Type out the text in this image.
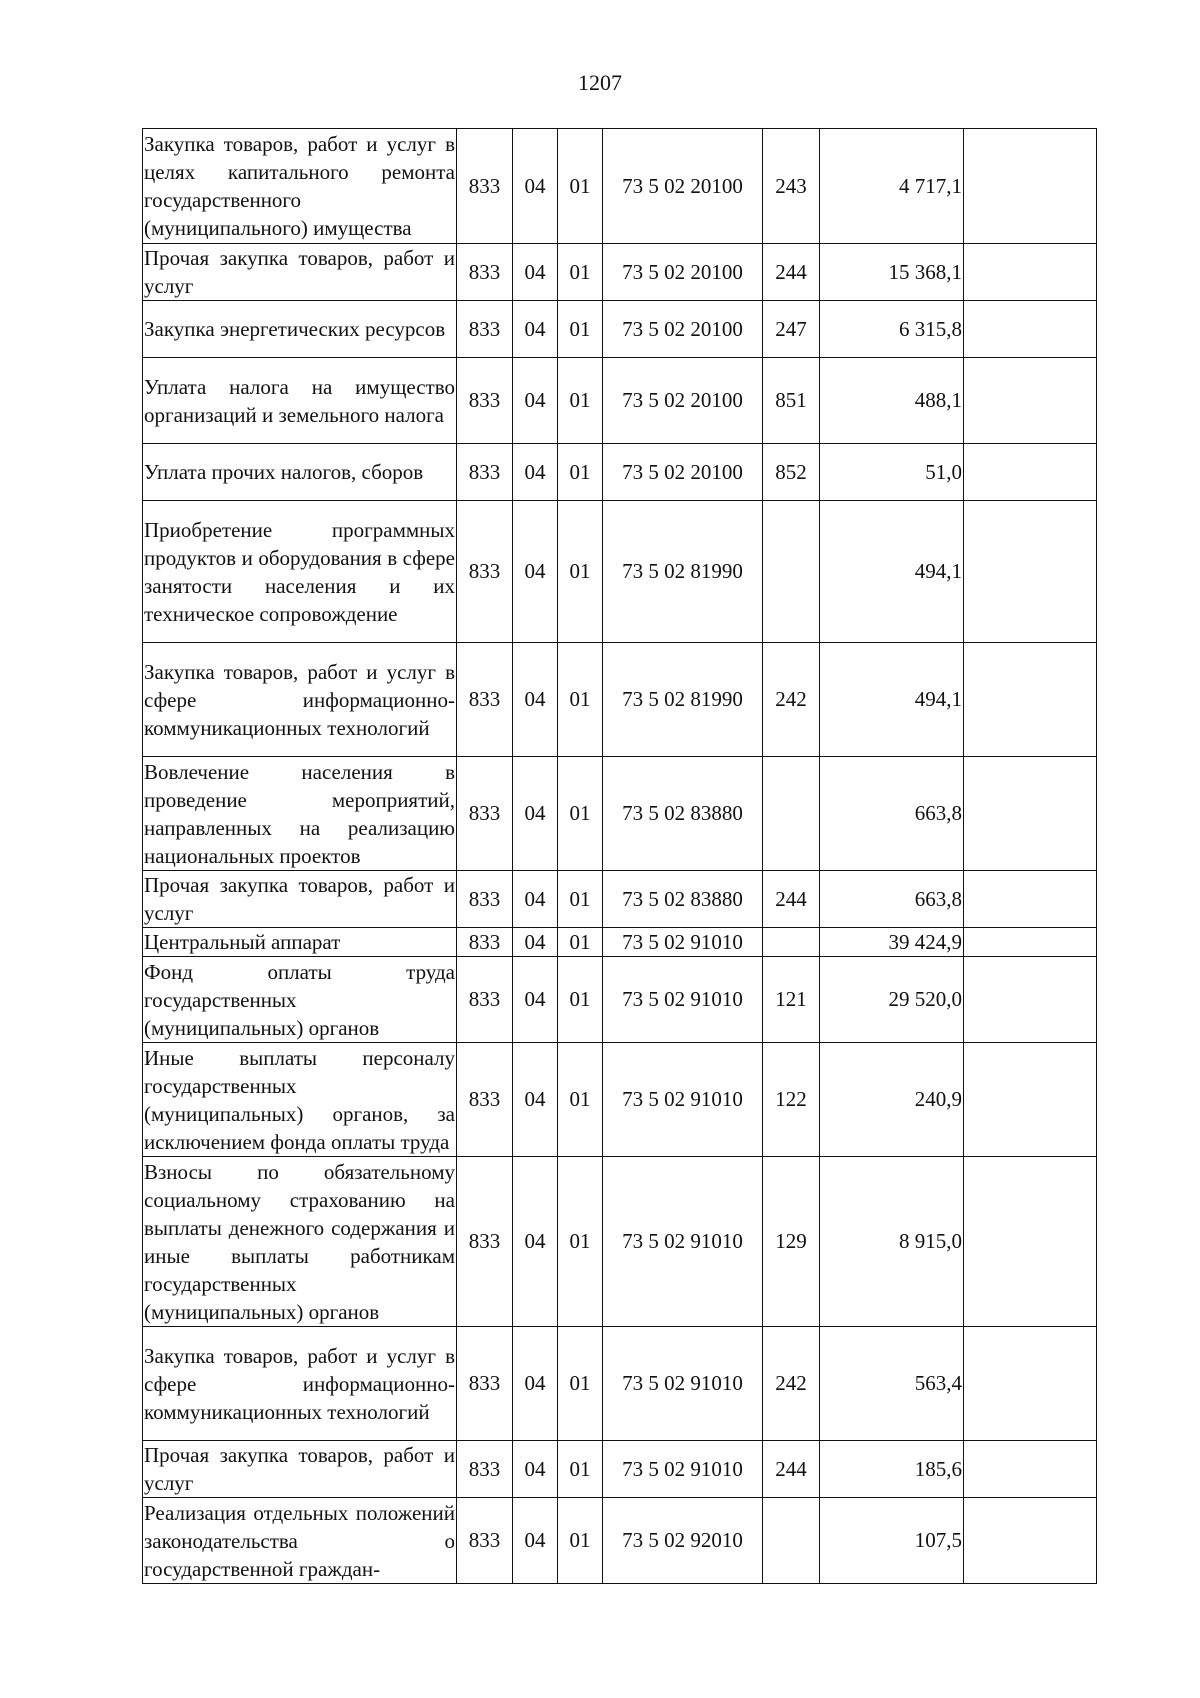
1207
Закупка товаров, работ и услуг в целях капитального ремонта государственного (муниципального) имущества	833	04	01	73 5 02 20100	243	4 717,1	
Прочая закупка товаров, работ и услуг	833	04	01	73 5 02 20100	244	15 368,1	
Закупка энергетических ресурсов	833	04	01	73 5 02 20100	247	6 315,8	
Уплата налога на имущество организаций и земельного налога	833	04	01	73 5 02 20100	851	488,1	
Уплата прочих налогов, сборов	833	04	01	73 5 02 20100	852	51,0	
Приобретение программных продуктов и оборудования в сфере занятости населения и их техническое сопровождение	833	04	01	73 5 02 81990		494,1	
Закупка товаров, работ и услуг в сфере информационно-коммуникационных технологий	833	04	01	73 5 02 81990	242	494,1	
Вовлечение населения в проведение мероприятий, направленных на реализацию национальных проектов	833	04	01	73 5 02 83880		663,8	
Прочая закупка товаров, работ и услуг	833	04	01	73 5 02 83880	244	663,8	
Центральный аппарат	833	04	01	73 5 02 91010		39 424,9	
Фонд оплаты труда государственных (муниципальных) органов	833	04	01	73 5 02 91010	121	29 520,0	
Иные выплаты персоналу государственных (муниципальных) органов, за исключением фонда оплаты труда	833	04	01	73 5 02 91010	122	240,9	
Взносы по обязательному социальному страхованию на выплаты денежного содержания и иные выплаты работникам государственных (муниципальных) органов	833	04	01	73 5 02 91010	129	8 915,0	
Закупка товаров, работ и услуг в сфере информационно-коммуникационных технологий	833	04	01	73 5 02 91010	242	563,4	
Прочая закупка товаров, работ и услуг	833	04	01	73 5 02 91010	244	185,6	
Реализация отдельных положений законодательства о государственной граждан-	833	04	01	73 5 02 92010		107,5	
